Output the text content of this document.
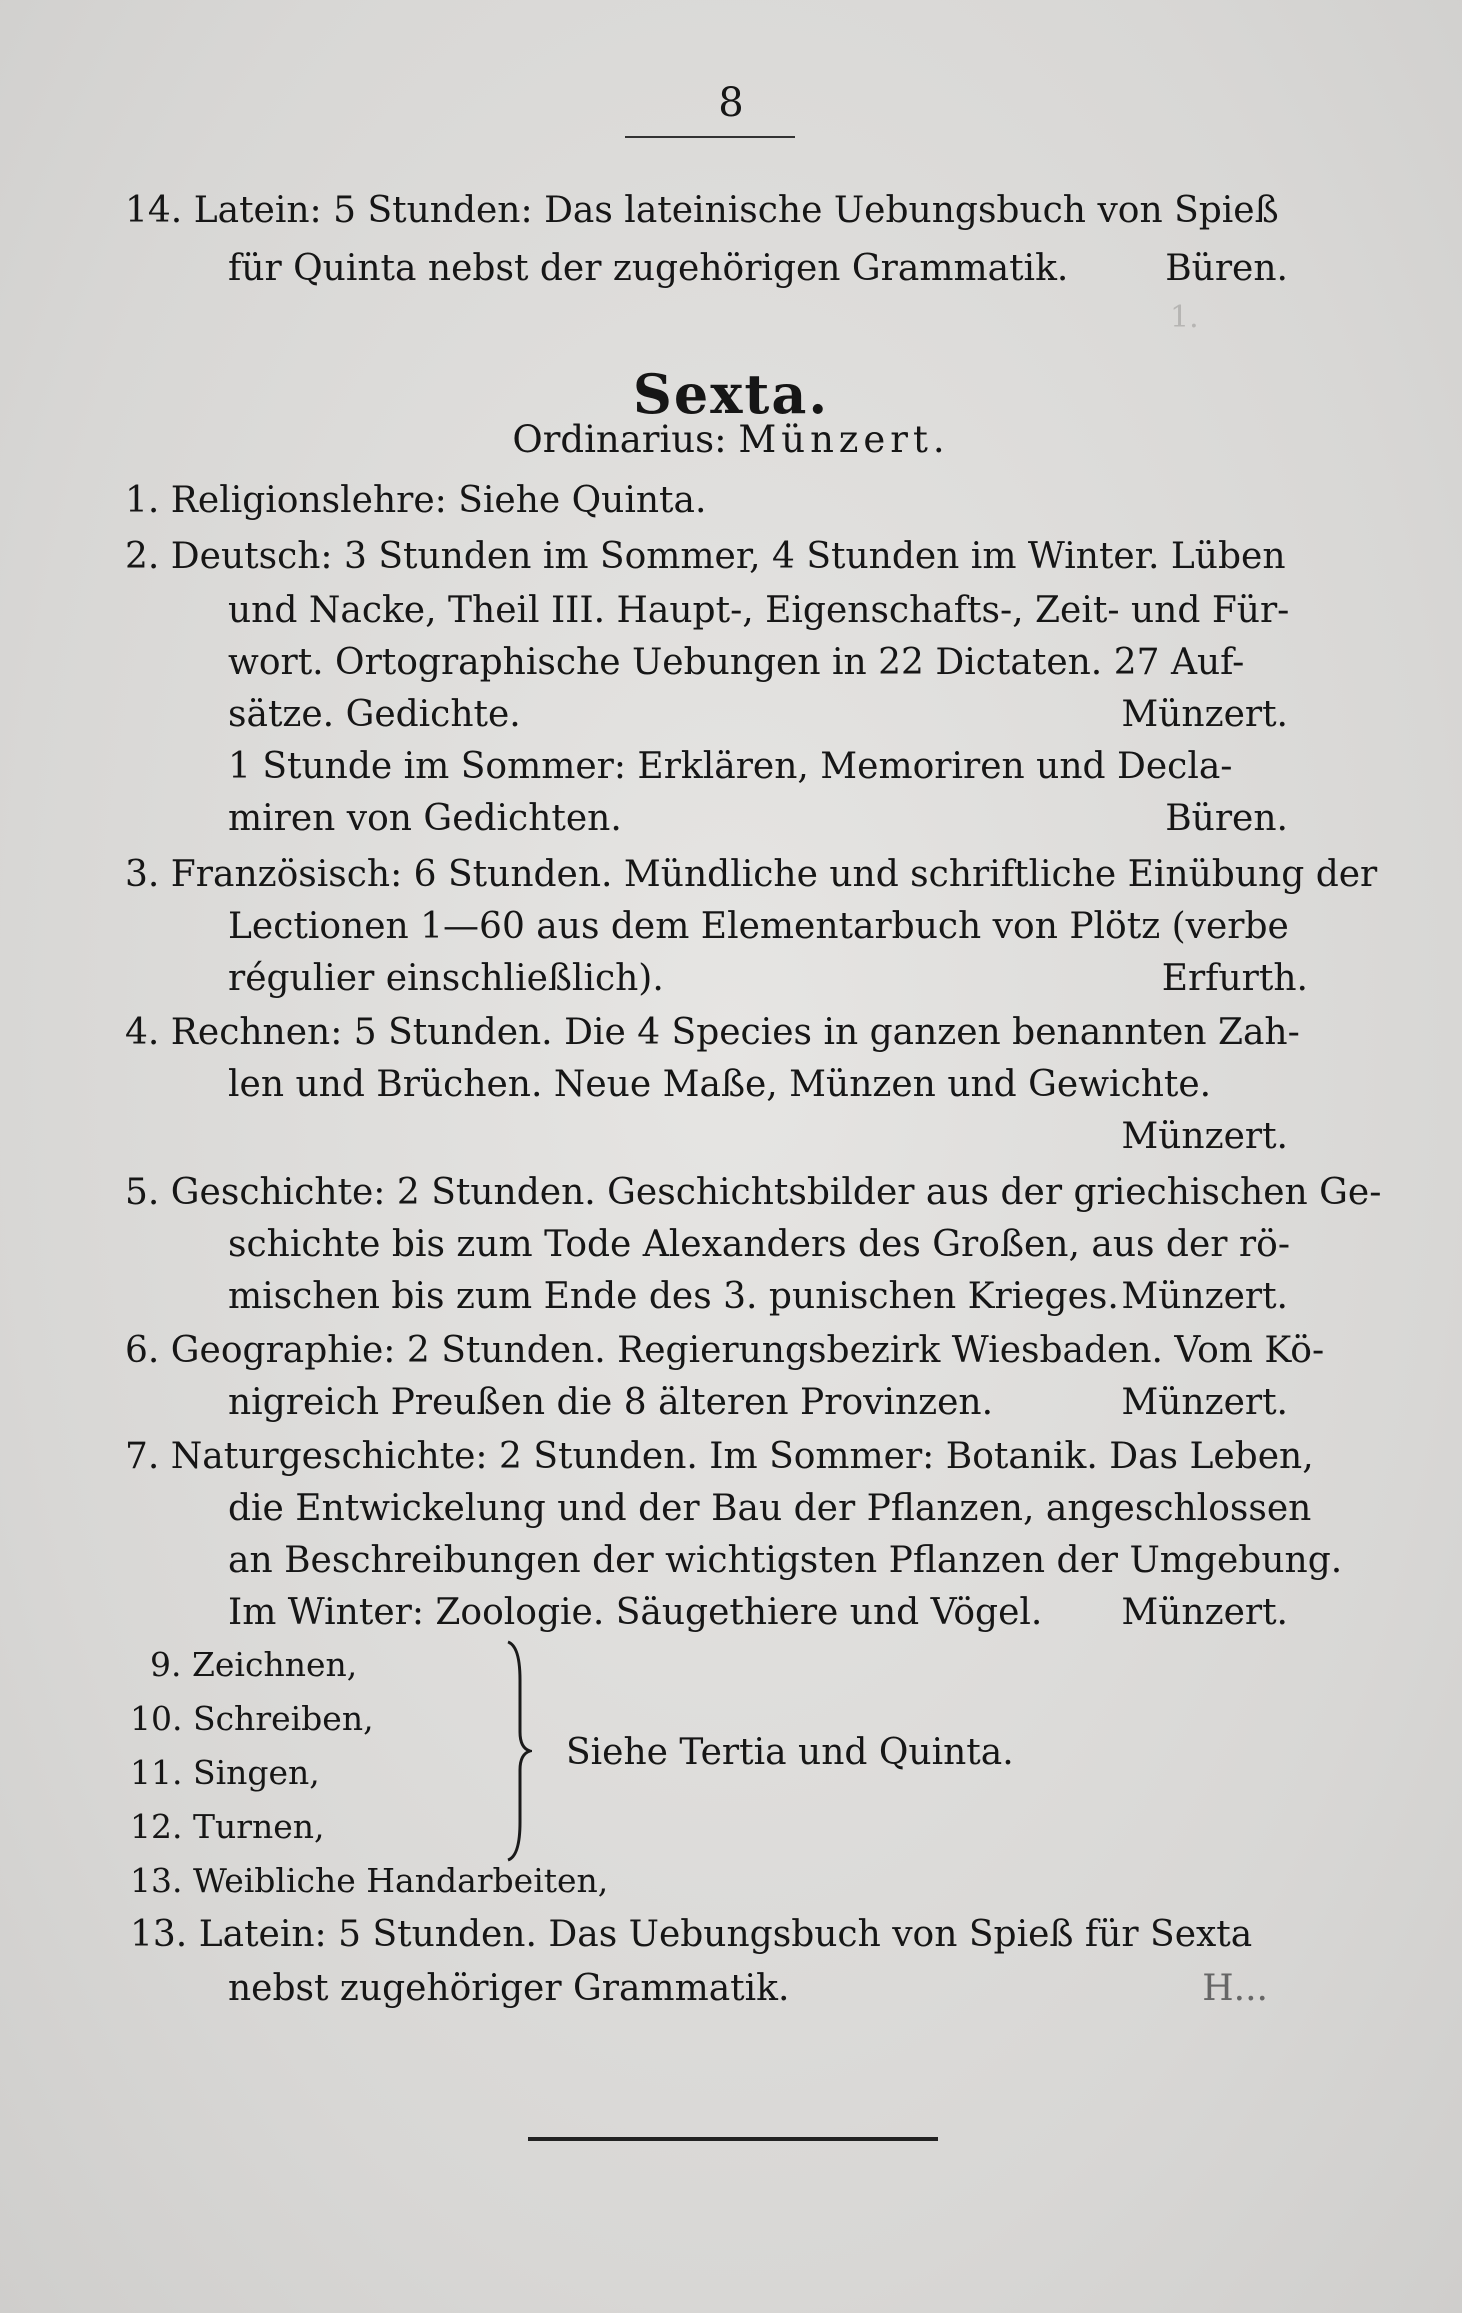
8
1.
14. Latein: 5 Stunden: Das lateinische Uebungsbuch von Spieß
für Quinta nebst der zugehörigen Grammatik.	Büren.
Sexta.
Ordinarius: Münzert.
1. Religionslehre: Siehe Quinta.
2. Deutsch: 3 Stunden im Sommer, 4 Stunden im Winter. Lüben
und Nacke, Theil III. Haupt-, Eigenschafts-, Zeit- und Für-
wort. Ortographische Uebungen in 22 Dictaten. 27 Auf-
sätze. Gedichte.	Münzert.
1 Stunde im Sommer: Erklären, Memoriren und Decla-
miren von Gedichten.	Büren.
3. Französisch: 6 Stunden. Mündliche und schriftliche Einübung der
Lectionen 1—60 aus dem Elementarbuch von Plötz (verbe
régulier einschließlich).	Erfurth.
4. Rechnen: 5 Stunden. Die 4 Species in ganzen benannten Zah-
len und Brüchen. Neue Maße, Münzen und Gewichte.
Münzert.
5. Geschichte: 2 Stunden. Geschichtsbilder aus der griechischen Ge-
schichte bis zum Tode Alexanders des Großen, aus der rö-
mischen bis zum Ende des 3. punischen Krieges. Münzert.
6. Geographie: 2 Stunden. Regierungsbezirk Wiesbaden. Vom Kö-
nigreich Preußen die 8 älteren Provinzen.	Münzert.
7. Naturgeschichte: 2 Stunden. Im Sommer: Botanik. Das Leben,
die Entwickelung und der Bau der Pflanzen, angeschlossen
an Beschreibungen der wichtigsten Pflanzen der Umgebung.
Im Winter: Zoologie. Säugethiere und Vögel. Münzert.
9. Zeichnen,
10. Schreiben,
11. Singen,
12. Turnen,
13. Weibliche Handarbeiten,
Siehe Tertia und Quinta.
13. Latein: 5 Stunden. Das Uebungsbuch von Spieß für Sexta
nebst zugehöriger Grammatik.	H...
